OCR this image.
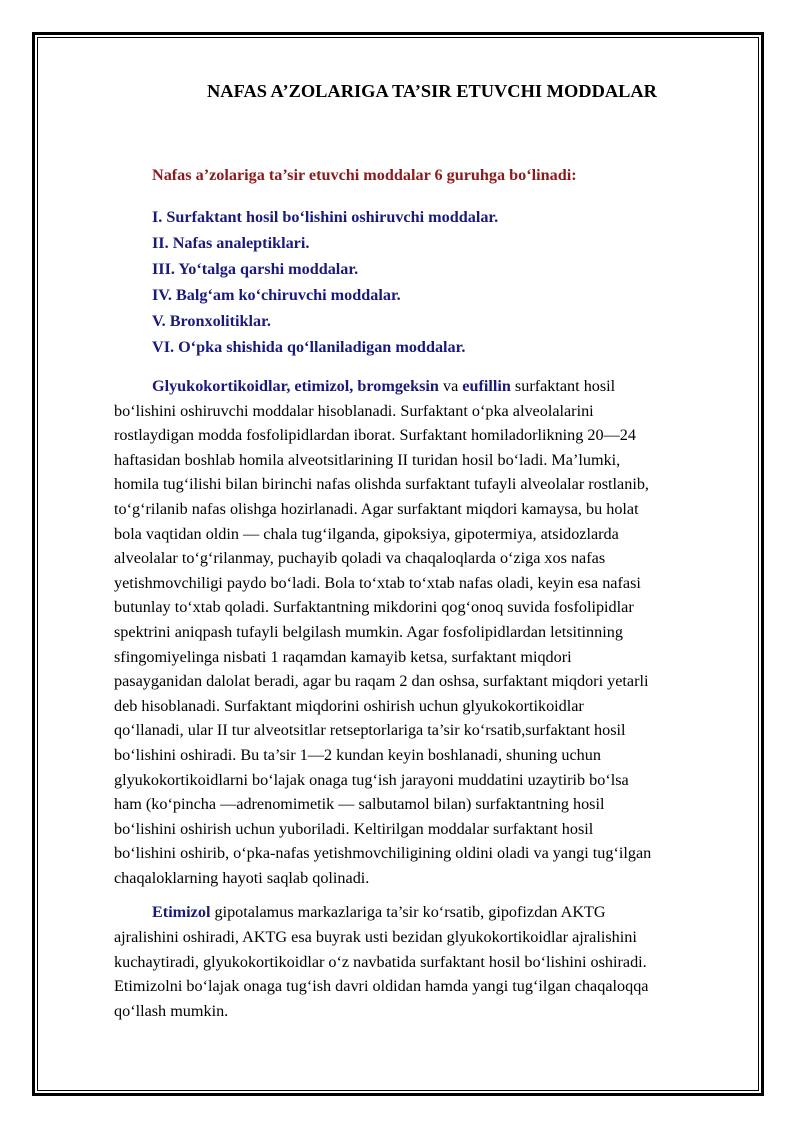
NAFAS A’ZOLARIGA TA’SIR ETUVCHI MODDALAR

Nafas a’zolariga ta’sir etuvchi moddalar 6 guruhga bo‘linadi:

I. Surfaktant hosil bo‘lishini oshiruvchi moddalar.
II. Nafas analeptiklari.
III. Yo‘talga qarshi moddalar.
IV. Balg‘am ko‘chiruvchi moddalar.
V. Bronxolitiklar.
VI. O‘pka shishida qo‘llaniladigan moddalar.
Glyukokortikoidlar, etimizol, bromgeksin va eufillin surfaktant hosil
bo‘lishini oshiruvchi moddalar hisoblanadi. Surfaktant o‘pka alveolalarini
rostlaydigan modda fosfolipidlardan iborat. Surfaktant homiladorlikning 20—24
haftasidan boshlab homila alveotsitlarining II turidan hosil bo‘ladi. Ma’lumki,
homila tug‘ilishi bilan birinchi nafas olishda surfaktant tufayli alveolalar rostlanib,
to‘g‘rilanib nafas olishga hozirlanadi. Agar surfaktant miqdori kamaysa, bu holat
bola vaqtidan oldin — chala tug‘ilganda, gipoksiya, gipotermiya, atsidozlarda
alveolalar to‘g‘rilanmay, puchayib qoladi va chaqaloqlarda o‘ziga xos nafas
yetishmovchiligi paydo bo‘ladi. Bola to‘xtab to‘xtab nafas oladi, keyin esa nafasi
butunlay to‘xtab qoladi. Surfaktantning mikdorini qog‘onoq suvida fosfolipidlar
spektrini aniqpash tufayli belgilash mumkin. Agar fosfolipidlardan letsitinning
sfingomiyelinga nisbati 1 raqamdan kamayib ketsa, surfaktant miqdori
pasayganidan dalolat beradi, agar bu raqam 2 dan oshsa, surfaktant miqdori yetarli
deb hisoblanadi. Surfaktant miqdorini oshirish uchun glyukokortikoidlar
qo‘llanadi, ular II tur alveotsitlar retseptorlariga ta’sir ko‘rsatib,surfaktant hosil
bo‘lishini oshiradi. Bu ta’sir 1—2 kundan keyin boshlanadi, shuning uchun
glyukokortikoidlarni bo‘lajak onaga tug‘ish jarayoni muddatini uzaytirib bo‘lsa
ham (ko‘pincha —adrenomimetik — salbutamol bilan) surfaktantning hosil
bo‘lishini oshirish uchun yuboriladi. Keltirilgan moddalar surfaktant hosil
bo‘lishini oshirib, o‘pka-nafas yetishmovchiligining oldini oladi va yangi tug‘ilgan
chaqaloklarning hayoti saqlab qolinadi.
Etimizol gipotalamus markazlariga ta’sir ko‘rsatib, gipofizdan AKTG
ajralishini oshiradi, AKTG esa buyrak usti bezidan glyukokortikoidlar ajralishini
kuchaytiradi, glyukokortikoidlar o‘z navbatida surfaktant hosil bo‘lishini oshiradi.
Etimizolni bo‘lajak onaga tug‘ish davri oldidan hamda yangi tug‘ilgan chaqaloqqa
qo‘llash mumkin.
